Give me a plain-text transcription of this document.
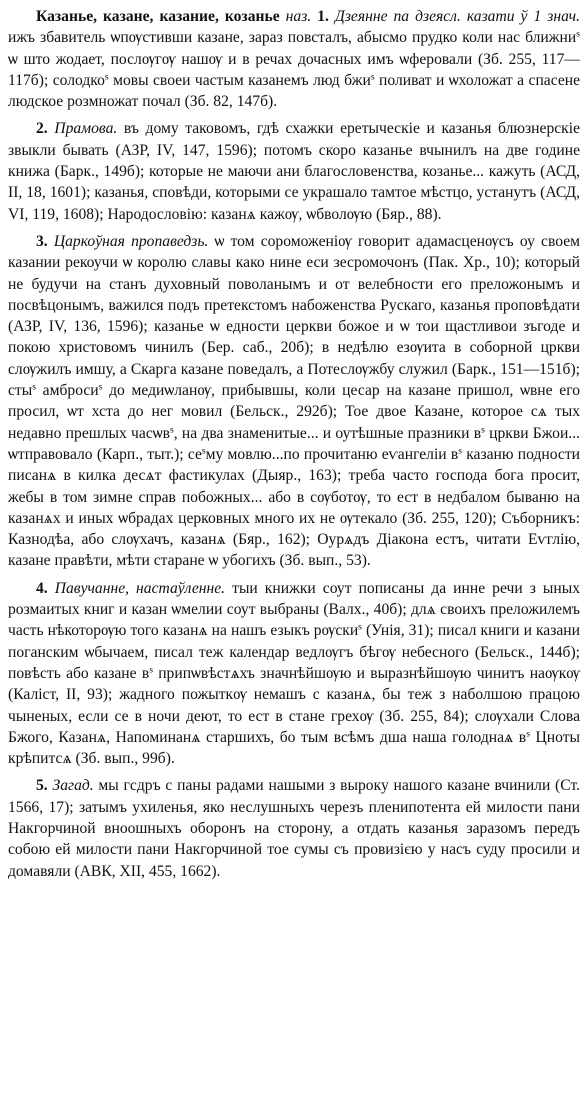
Казанье, казане, казание, козанье наз. 1. Дзеянне па дзеясл. казати ў 1 знач. ижъ збавитель ѡпѹстивши казане, зараз повсталъ, абысмо прудко коли нас ближни$^s$ ѡ што жодает, послѹгѹ нашѹ и в речах дочасных имъ ѡферовали (Зб. 255, 117—117б); солодко$^s$ мовы своеи частым казанемъ люд бжи$^s$ поливат и ѡхоложат а спасене людское розмножат почал (Зб. 82, 147б).

2. Прамова. въ дому таковомъ, гдѣ схажки еретыческіе и казанья блюзнерскіе звыкли бывать (АЗР, IV, 147, 1596); потомъ скоро казанье вчынилъ на две године книжа (Барк., 149б); которые не маючи ани благословенства, козанье... кажуть (АСД, II, 18, 1601); казанья, сповѣди, которыми се украшало тамтое мѣстцо, устанутъ (АСД, VI, 119, 1608); Народословію: казанѧ кажѹ, ѡбволѹю (Бяр., 88).

3. Царкоўная пропаведзь. ѡ том сороможеніѹ говорит адамасценѹсъ оу своем казании рекоучи ѡ королю славы како нине еси зесромочонъ (Пак. Хр., 10); который не будучи на станъ духовный поволанымъ и от велебности его преложонымъ и посвѣцонымъ, важился подъ претекстомъ набоженства Рускаго, казанья проповѣдати (АЗР, IV, 136, 1596); казанье ѡ едности церкви божое и ѡ тои щастливои зъгоде и покою христовомъ чинилъ (Бер. саб., 20б); в недѣлю езѹита в соборной цркви слѹжилъ имшу, а Скарга казане поведалъ, а Потеслѹжбу служил (Барк., 151—151б); сты$^s$ амброси$^s$ до медиѡланѹ, прибывшы, коли цесар на казане пришол, ѡвне его просил, ѡт хста до нег мовил (Бельск., 292б); Тое двое Казане, которое сѧ тых недавно прешлых часѡв$^s$, на два знаменитые... и оутѣшные празники $в^s$ цркви Бжои... ѡтправовало (Карп., тыт.); $се^sму$ мовлю...по прочитаню еѵангеліи $в^s$ казаню подности писанѧ в килка десѧт фастикулах (Дыяр., 163); треба часто господа бога просит, жебы в том зимне справ побожных... або в сѹботѹ, то ест в недбалом бываню на казанѧх и иных ѡбрадах церковных много их не ѹтекало (Зб. 255, 120); Съборникъ: Казнодѣа, або слѹхачъ, казанѧ (Бяр., 162); Оурѧдъ Діакона естъ, читати Еѵглію, казане правѣти, мѣти старане ѡ убогихъ (Зб. вып., 53).

4. Павучанне, настаўленне. тыи книжки соут пописаны да инне речи з ыных розмаитых книг и казан ѡмелии соут выбраны (Валх., 40б); длѧ своихъ преложилемъ часть нѣкоторѹю того казанѧ на нашъ езыкъ рѹски$^s$ (Унія, 31); писал книги и казани поганским ѡбычаем, писал теж календар ведлѹгъ бѣгѹ небесного (Бельск., 144б); повѣсть або казане $в^s$ припѡвѣстѧхъ значнѣйшѹю и выразнѣйшѹю чинитъ наѹкѹ (Каліст, II, 93); жадного пожыткѹ немашъ с казанѧ, бы теж з наболшою працою чыненых, если се в ночи деют, то ест в стане грехѹ (Зб. 255, 84); слѹхали Слова Бжого, Казанѧ, Напоминанѧ старшихъ, бо тым всѣмъ дша наша голоднаѧ $в^s$ Цноты крѣпитсѧ (Зб. вып., 99б).

5. Загад. мы гсдръ с паны радами нашыми з выроку нашого казане вчинили (Ст. 1566, 17); затымъ ухиленья, яко неслушныхъ черезъ пленипотента ей милости пани Накгорчиной вноошныхъ оборонъ на сторону, а отдать казанья заразомъ передъ собою ей милости пани Накгорчиной тое сумы съ провизією у насъ суду просили и домавяли (АВК, XII, 455, 1662).
